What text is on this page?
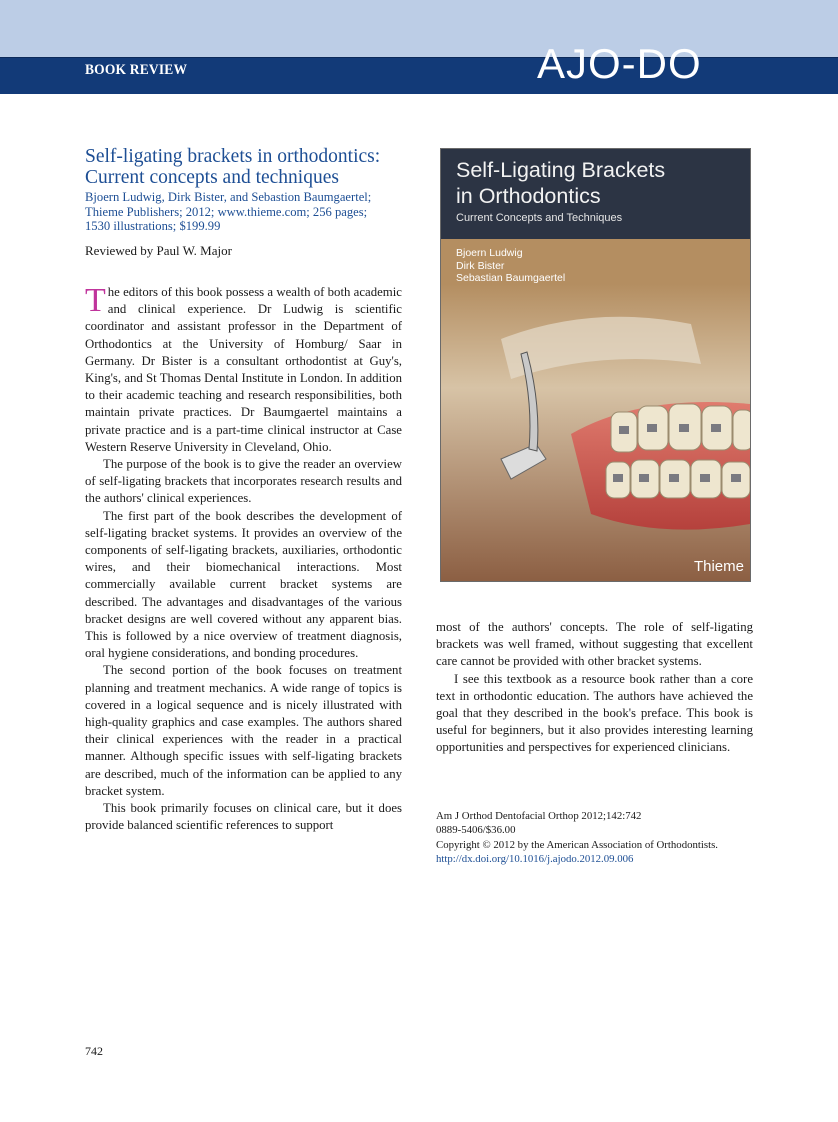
BOOK REVIEW	AJO-DO
Self-ligating brackets in orthodontics:
Current concepts and techniques
Bjoern Ludwig, Dirk Bister, and Sebastion Baumgaertel;
Thieme Publishers; 2012; www.thieme.com; 256 pages;
1530 illustrations; $199.99
Reviewed by Paul W. Major

The editors of this book possess a wealth of both academic and clinical experience. Dr Ludwig is scientific coordinator and assistant professor in the Department of Orthodontics at the University of Homburg/ Saar in Germany. Dr Bister is a consultant orthodontist at Guy's, King's, and St Thomas Dental Institute in London. In addition to their academic teaching and research responsibilities, both maintain private practices. Dr Baumgaertel maintains a private practice and is a part-time clinical instructor at Case Western Reserve University in Cleveland, Ohio.

The purpose of the book is to give the reader an overview of self-ligating brackets that incorporates research results and the authors' clinical experiences.

The first part of the book describes the development of self-ligating bracket systems. It provides an overview of the components of self-ligating brackets, auxiliaries, orthodontic wires, and their biomechanical interactions. Most commercially available current bracket systems are described. The advantages and disadvantages of the various bracket designs are well covered without any apparent bias. This is followed by a nice overview of treatment diagnosis, oral hygiene considerations, and bonding procedures.

The second portion of the book focuses on treatment planning and treatment mechanics. A wide range of topics is covered in a logical sequence and is nicely illustrated with high-quality graphics and case examples. The authors shared their clinical experiences with the reader in a practical manner. Although specific issues with self-ligating brackets are described, much of the information can be applied to any bracket system.

This book primarily focuses on clinical care, but it does provide balanced scientific references to support

Self-Ligating Brackets
in Orthodontics
Current Concepts and Techniques
Bjoern Ludwig
Dirk Bister
Sebastian Baumgaertel
Thieme

most of the authors' concepts. The role of self-ligating brackets was well framed, without suggesting that excellent care cannot be provided with other bracket systems.

I see this textbook as a resource book rather than a core text in orthodontic education. The authors have achieved the goal that they described in the book's preface. This book is useful for beginners, but it also provides interesting learning opportunities and perspectives for experienced clinicians.

Am J Orthod Dentofacial Orthop 2012;142:742
0889-5406/$36.00
Copyright © 2012 by the American Association of Orthodontists.
http://dx.doi.org/10.1016/j.ajodo.2012.09.006
742
